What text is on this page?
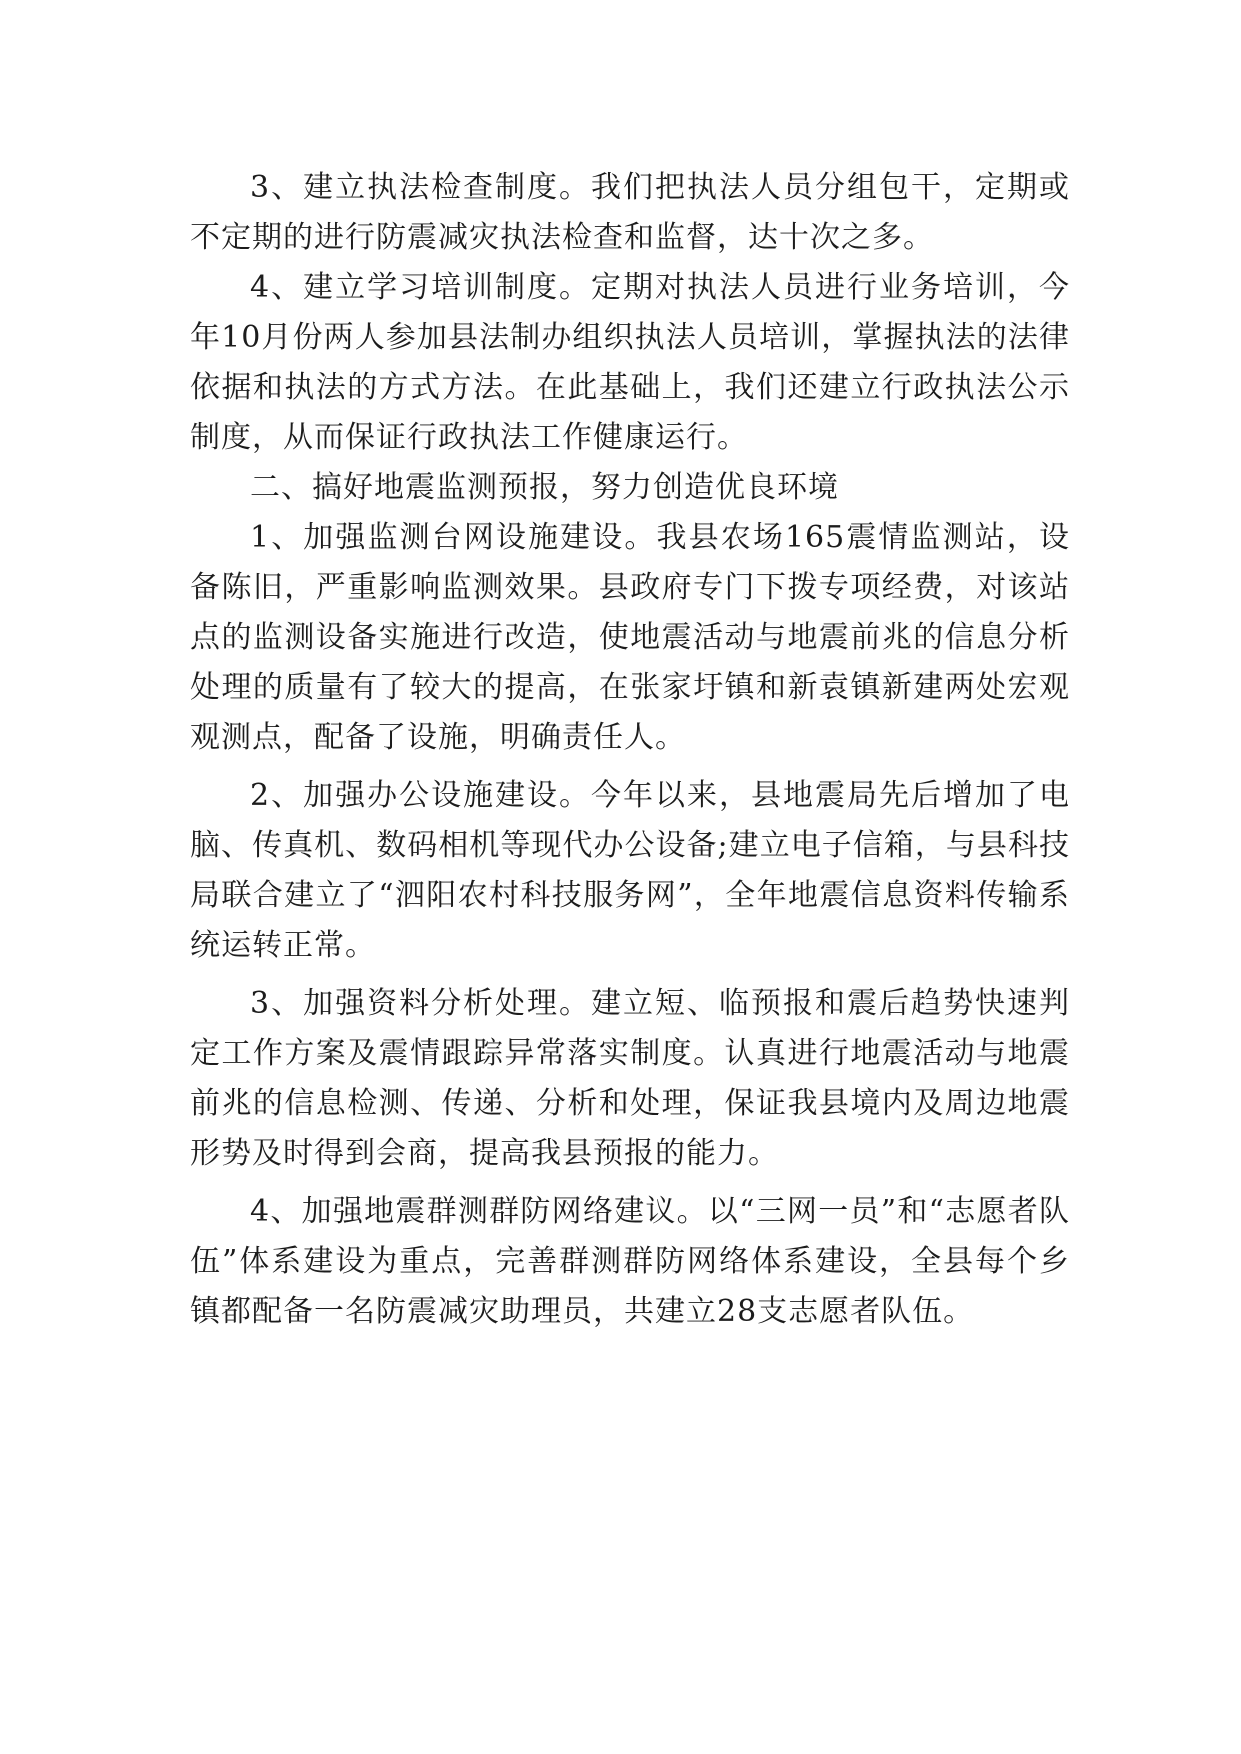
3、建立执法检查制度。我们把执法人员分组包干，定期或不定期的进行防震减灾执法检查和监督，达十次之多。

4、建立学习培训制度。定期对执法人员进行业务培训，今年10月份两人参加县法制办组织执法人员培训，掌握执法的法律依据和执法的方式方法。在此基础上，我们还建立行政执法公示制度，从而保证行政执法工作健康运行。

二、搞好地震监测预报，努力创造优良环境

1、加强监测台网设施建设。我县农场165震情监测站，设备陈旧，严重影响监测效果。县政府专门下拨专项经费，对该站点的监测设备实施进行改造，使地震活动与地震前兆的信息分析处理的质量有了较大的提高，在张家圩镇和新袁镇新建两处宏观观测点，配备了设施，明确责任人。

2、加强办公设施建设。今年以来，县地震局先后增加了电脑、传真机、数码相机等现代办公设备;建立电子信箱，与县科技局联合建立了“泗阳农村科技服务网”，全年地震信息资料传输系统运转正常。

3、加强资料分析处理。建立短、临预报和震后趋势快速判定工作方案及震情跟踪异常落实制度。认真进行地震活动与地震前兆的信息检测、传递、分析和处理，保证我县境内及周边地震形势及时得到会商，提高我县预报的能力。

4、加强地震群测群防网络建议。以“三网一员”和“志愿者队伍”体系建设为重点，完善群测群防网络体系建设，全县每个乡镇都配备一名防震减灾助理员，共建立28支志愿者队伍。
